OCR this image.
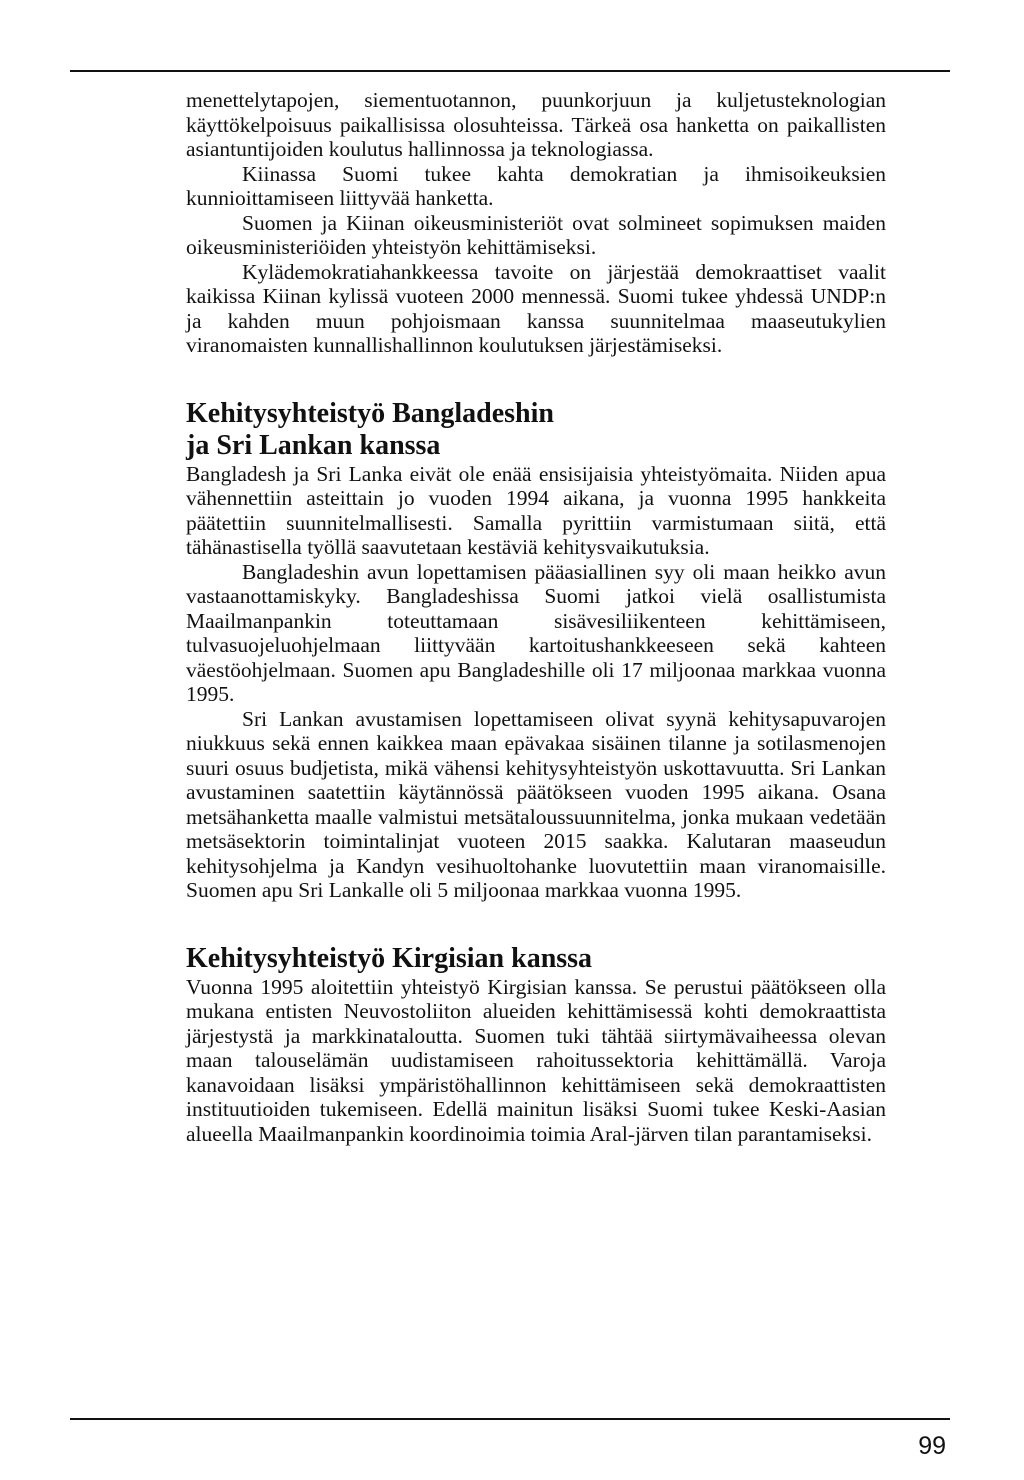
menettelytapojen, siementuotannon, puunkorjuun ja kuljetusteknologian käyttökelpoisuus paikallisissa olosuhteissa. Tärkeä osa hanketta on paikallisten asiantuntijoiden koulutus hallinnossa ja teknologiassa.

Kiinassa Suomi tukee kahta demokratian ja ihmisoikeuksien kunnioittamiseen liittyvää hanketta.

Suomen ja Kiinan oikeusministeriöt ovat solmineet sopimuksen maiden oikeusministeriöiden yhteistyön kehittämiseksi.

Kylädemokratiahankkeessa tavoite on järjestää demokraattiset vaalit kaikissa Kiinan kylissä vuoteen 2000 mennessä. Suomi tukee yhdessä UNDP:n ja kahden muun pohjoismaan kanssa suunnitelmaa maaseutukylien viranomaisten kunnallishallinnon koulutuksen järjestämiseksi.

Kehitysyhteistyö Bangladeshin
ja Sri Lankan kanssa

Bangladesh ja Sri Lanka eivät ole enää ensisijaisia yhteistyömaita. Niiden apua vähennettiin asteittain jo vuoden 1994 aikana, ja vuonna 1995 hankkeita päätettiin suunnitelmallisesti. Samalla pyrittiin varmistumaan siitä, että tähänastisella työllä saavutetaan kestäviä kehitysvaikutuksia.

Bangladeshin avun lopettamisen pääasiallinen syy oli maan heikko avun vastaanottamiskyky. Bangladeshissa Suomi jatkoi vielä osallistumista Maailmanpankin toteuttamaan sisävesiliikenteen kehittämiseen, tulvasuojeluohjelmaan liittyvään kartoitushankkeeseen sekä kahteen väestöohjelmaan. Suomen apu Bangladeshille oli 17 miljoonaa markkaa vuonna 1995.

Sri Lankan avustamisen lopettamiseen olivat syynä kehitysapuvarojen niukkuus sekä ennen kaikkea maan epävakaa sisäinen tilanne ja sotilasmenojen suuri osuus budjetista, mikä vähensi kehitysyhteistyön uskottavuutta. Sri Lankan avustaminen saatettiin käytännössä päätökseen vuoden 1995 aikana. Osana metsähanketta maalle valmistui metsätaloussuunnitelma, jonka mukaan vedetään metsäsektorin toimintalinjat vuoteen 2015 saakka. Kalutaran maaseudun kehitysohjelma ja Kandyn vesihuoltohanke luovutettiin maan viranomaisille. Suomen apu Sri Lankalle oli 5 miljoonaa markkaa vuonna 1995.

Kehitysyhteistyö Kirgisian kanssa

Vuonna 1995 aloitettiin yhteistyö Kirgisian kanssa. Se perustui päätökseen olla mukana entisten Neuvostoliiton alueiden kehittämisessä kohti demokraattista järjestystä ja markkinataloutta. Suomen tuki tähtää siirtymävaiheessa olevan maan talouselämän uudistamiseen rahoitussektoria kehittämällä. Varoja kanavoidaan lisäksi ympäristöhallinnon kehittämiseen sekä demokraattisten instituutioiden tukemiseen. Edellä mainitun lisäksi Suomi tukee Keski-Aasian alueella Maailmanpankin koordinoimia toimia Aral-järven tilan parantamiseksi.

99
